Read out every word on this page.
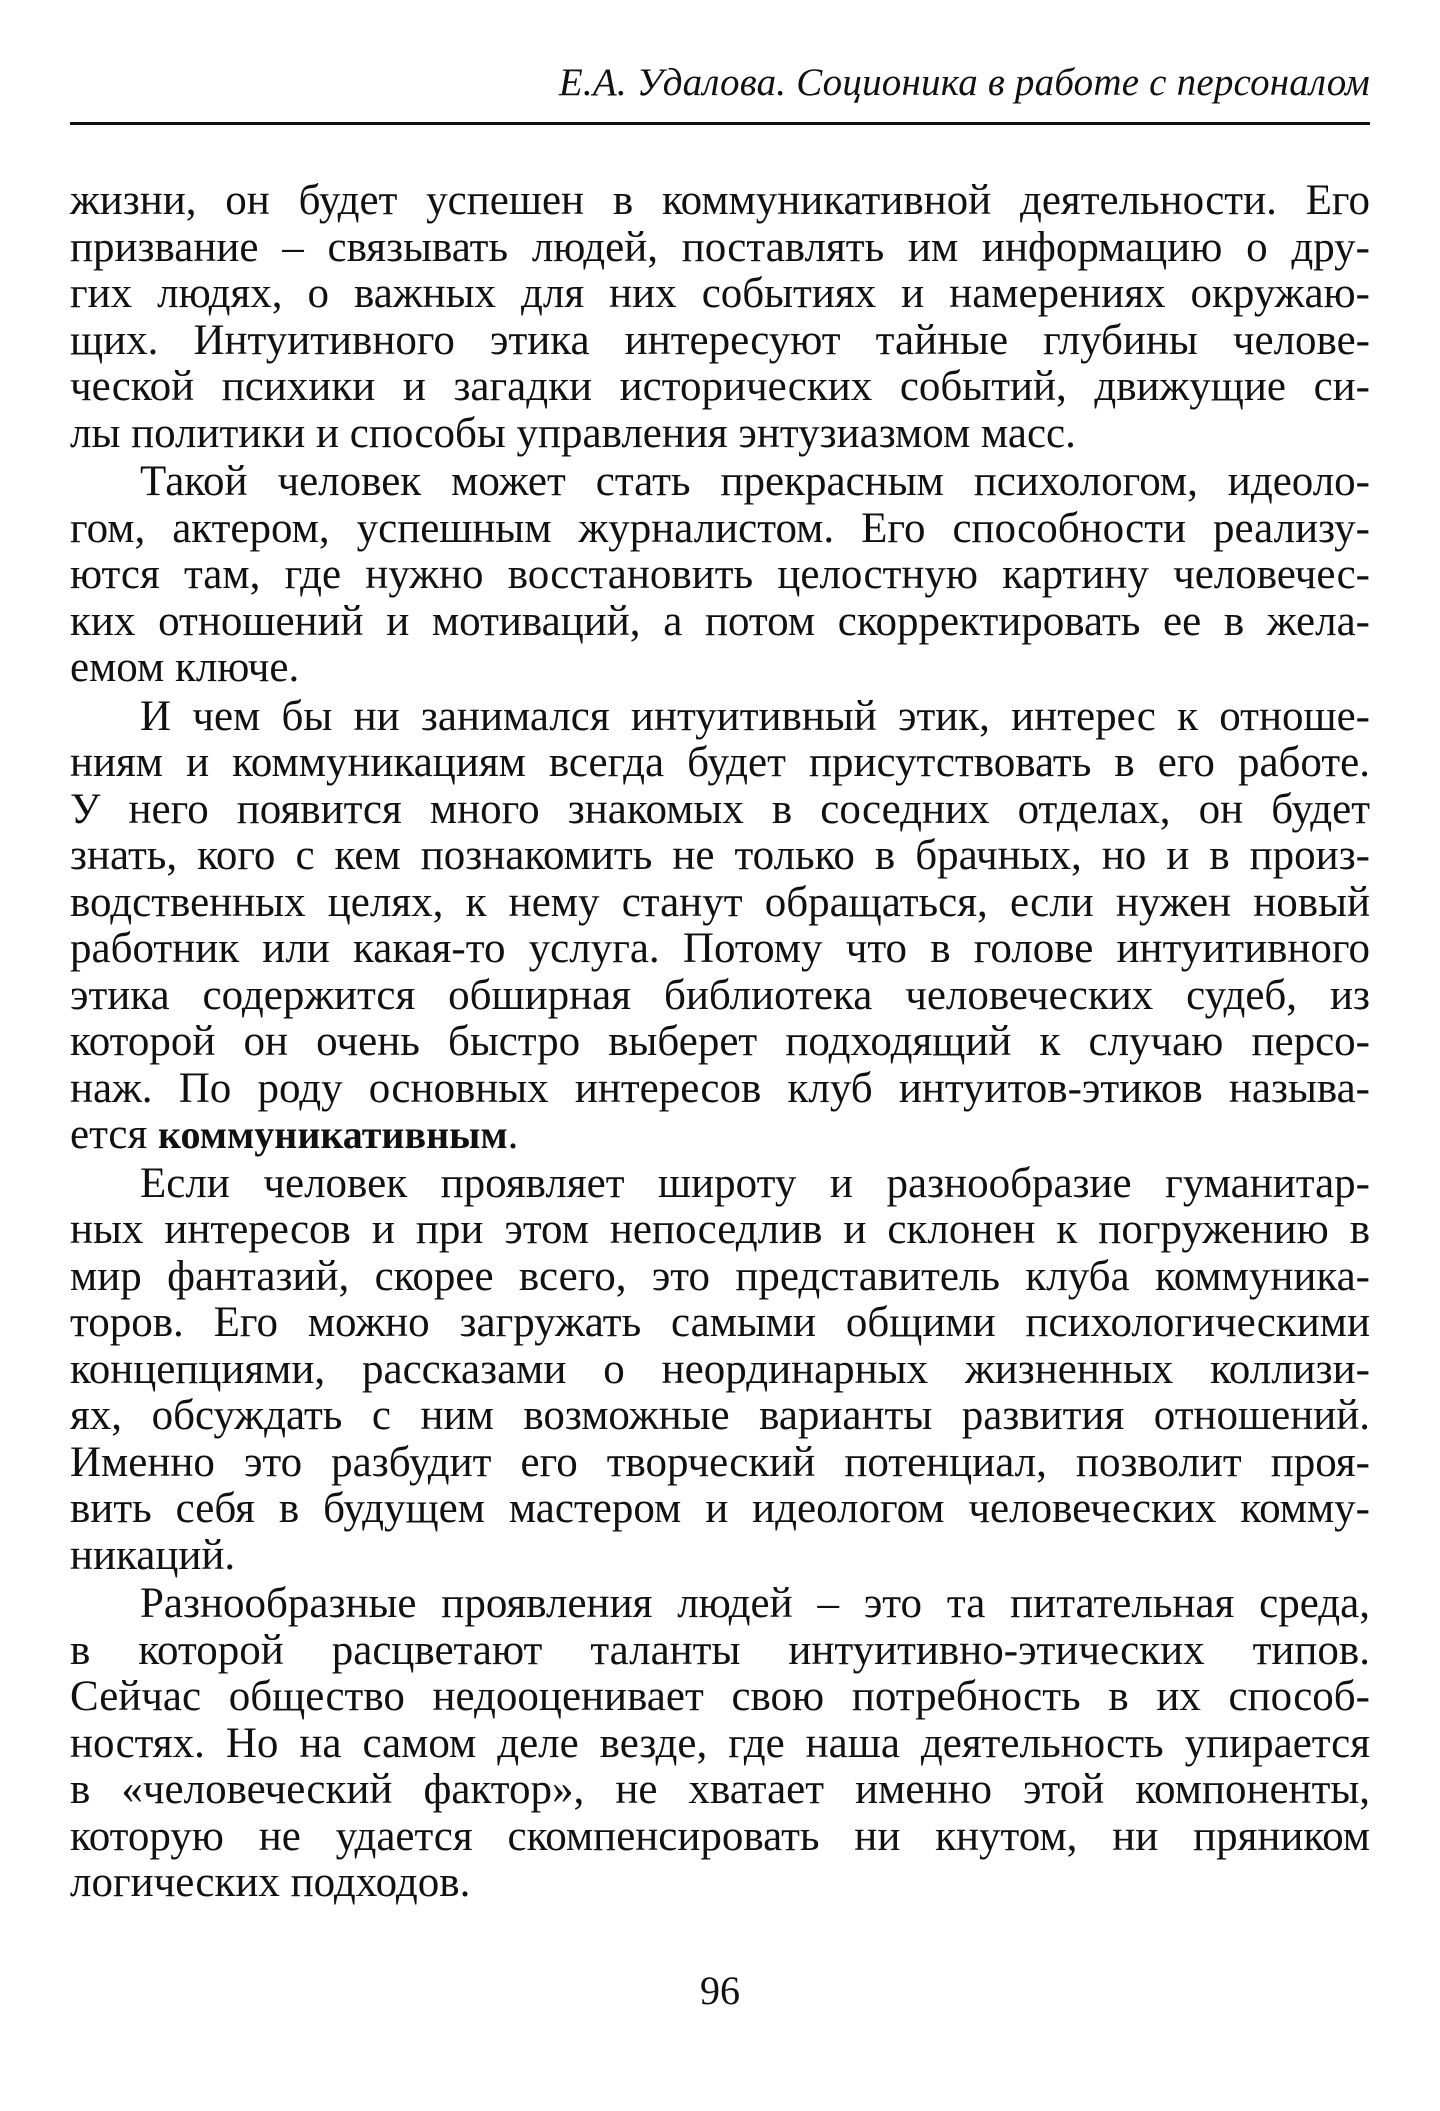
Е.А. Удалова. Соционика в работе с персоналом
жизни, он будет успешен в коммуникативной деятельности. Его
призвание – связывать людей, поставлять им информацию о дру-
гих людях, о важных для них событиях и намерениях окружаю-
щих. Интуитивного этика интересуют тайные глубины челове-
ческой психики и загадки исторических событий, движущие си-
лы политики и способы управления энтузиазмом масс.
Такой человек может стать прекрасным психологом, идеоло-
гом, актером, успешным журналистом. Его способности реализу-
ются там, где нужно восстановить целостную картину человечес-
ких отношений и мотиваций, а потом скорректировать ее в жела-
емом ключе.
И чем бы ни занимался интуитивный этик, интерес к отноше-
ниям и коммуникациям всегда будет присутствовать в его работе.
У него появится много знакомых в соседних отделах, он будет
знать, кого с кем познакомить не только в брачных, но и в произ-
водственных целях, к нему станут обращаться, если нужен новый
работник или какая-то услуга. Потому что в голове интуитивного
этика содержится обширная библиотека человеческих судеб, из
которой он очень быстро выберет подходящий к случаю персо-
наж. По роду основных интересов клуб интуитов-этиков называ-
ется коммуникативным.
Если человек проявляет широту и разнообразие гуманитар-
ных интересов и при этом непоседлив и склонен к погружению в
мир фантазий, скорее всего, это представитель клуба коммуника-
торов. Его можно загружать самыми общими психологическими
концепциями, рассказами о неординарных жизненных коллизи-
ях, обсуждать с ним возможные варианты развития отношений.
Именно это разбудит его творческий потенциал, позволит проя-
вить себя в будущем мастером и идеологом человеческих комму-
никаций.
Разнообразные проявления людей – это та питательная среда,
в которой расцветают таланты интуитивно-этических типов.
Сейчас общество недооценивает свою потребность в их способ-
ностях. Но на самом деле везде, где наша деятельность упирается
в «человеческий фактор», не хватает именно этой компоненты,
которую не удается скомпенсировать ни кнутом, ни пряником
логических подходов.
96
